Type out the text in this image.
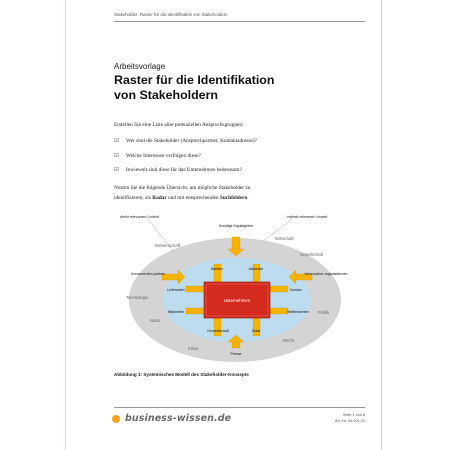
Stakeholder: Raster für die Identifikation von Stakeholdern
Arbeitsvorlage
Raster für die Identifikation
von Stakeholdern
Erstellen Sie eine Liste aller potenziellen Anspruchsgruppen:
☑ Wer sind die Stakeholder (Ansprechpartner, Kontaktadresse)?
☑ Welche Interessen verfolgen diese?
☑ Inwieweit sind diese für das Unternehmen bedeutsam?
Nutzen Sie die folgende Übersicht, um mögliche Stakeholder zu
identifizieren; als Radar und mit entsprechenden Suchfeldern.
direkt relevantes Umfeld	indirekt relevante Umwelt
Wissenschaft
Wirtschaft
Gesellschaft
Technologie
Politik
Natur
Klima
Recht
Unternehmen
Banken	Aktionäre
Lieferanten	Kunden
Mitarbeiter	Wettbewerber
Gewerkschaft	Staat
Sonstige Kapitalgeber
Konsumenten-partner	Verbraucher-organisationen
Presse
Abbildung 1: Systemisches Modell des Stakeholder-Konzepts
business-wissen.de	Seite 1 von 6
Art.-Nr. 06.001.02
